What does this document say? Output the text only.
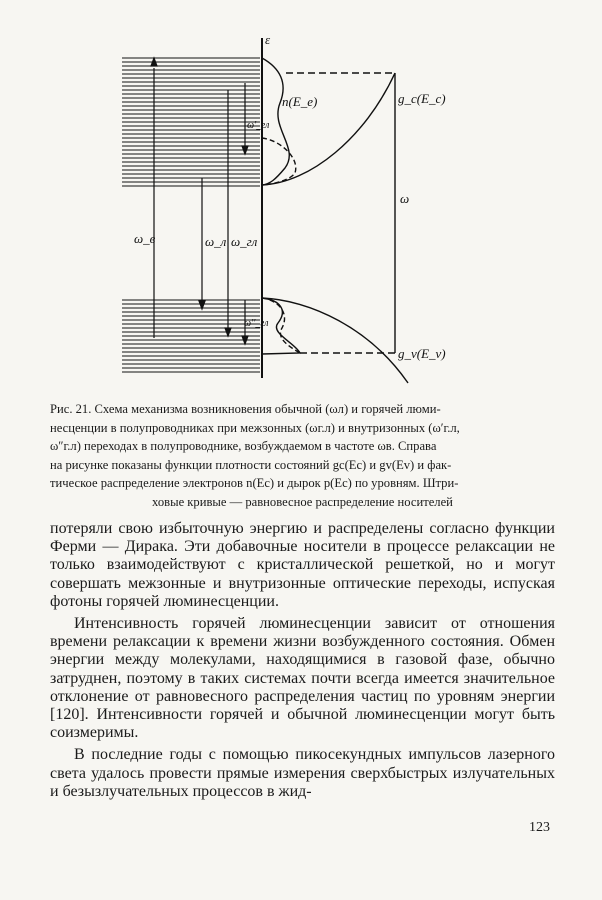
ε
n(E_e)	g_c(E_c)
g_v(E_v)
ω
ω_в	ω_л ω_гл
ω'_гл
ω''_гл

Рис. 21. Схема механизма возникновения обычной (ωл) и горячей люми-

несценции в полупроводниках при межзонных (ωг.л) и внутризонных (ω′г.л,

ω″г.л) переходах в полупроводнике, возбуждаемом в частоте ωв. Справа

на рисунке показаны функции плотности состояний gc(Ec) и gv(Ev) и фак-

тическое распределение электронов n(Ec) и дырок p(Ec) по уровням. Штри-

ховые кривые — равновесное распределение носителей

потеряли свою избыточную энергию и распределены согласно функции Ферми — Дирака. Эти добавочные носители в процессе релаксации не только взаимодействуют с кристаллической решеткой, но и могут совершать межзонные и внутризонные оптические переходы, испуская фотоны горячей люминесценции.

Интенсивность горячей люминесценции зависит от отношения времени релаксации к времени жизни возбужденного состояния. Обмен энергии между молекулами, находящимися в газовой фазе, обычно затруднен, поэтому в таких системах почти всегда имеется значительное отклонение от равновесного распределения частиц по уровням энергии [120]. Интенсивности горячей и обычной люминесценции могут быть соизмеримы.

В последние годы с помощью пикосекундных импульсов лазерного света удалось провести прямые измерения сверхбыстрых излучательных и безызлучательных процессов в жид-

123
